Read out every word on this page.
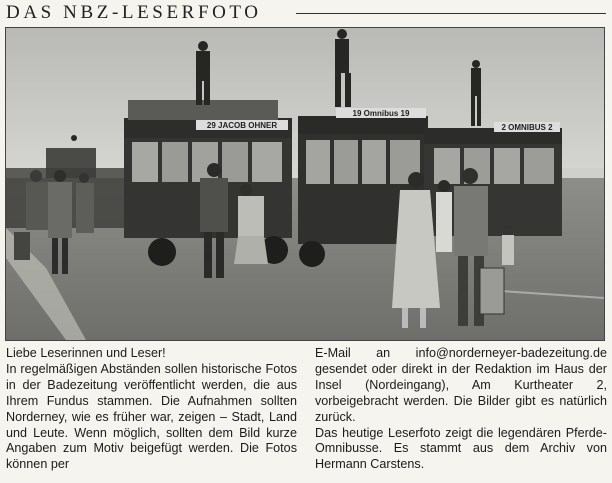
DAS NBZ-LESERFOTO
29 JACOB OHNER
19 Omnibus 19
2 OMNIBUS 2
Liebe Leserinnen und Leser!
In regelmäßigen Abständen sollen historische Fotos in der Badezeitung veröffentlicht werden, die aus Ihrem Fundus stammen. Die Aufnahmen sollten Norderney, wie es früher war, zeigen – Stadt, Land und Leute. Wenn möglich, sollten dem Bild kurze Angaben zum Motiv beigefügt werden. Die Fotos können per
E-Mail an info@norderneyer-badezeitung.de gesendet oder direkt in der Redaktion im Haus der Insel (Nordeingang), Am Kurtheater 2, vorbeigebracht werden. Die Bilder gibt es natürlich zurück.
Das heutige Leserfoto zeigt die legendären Pferde-Omnibusse. Es stammt aus dem Archiv von Hermann Carstens.
